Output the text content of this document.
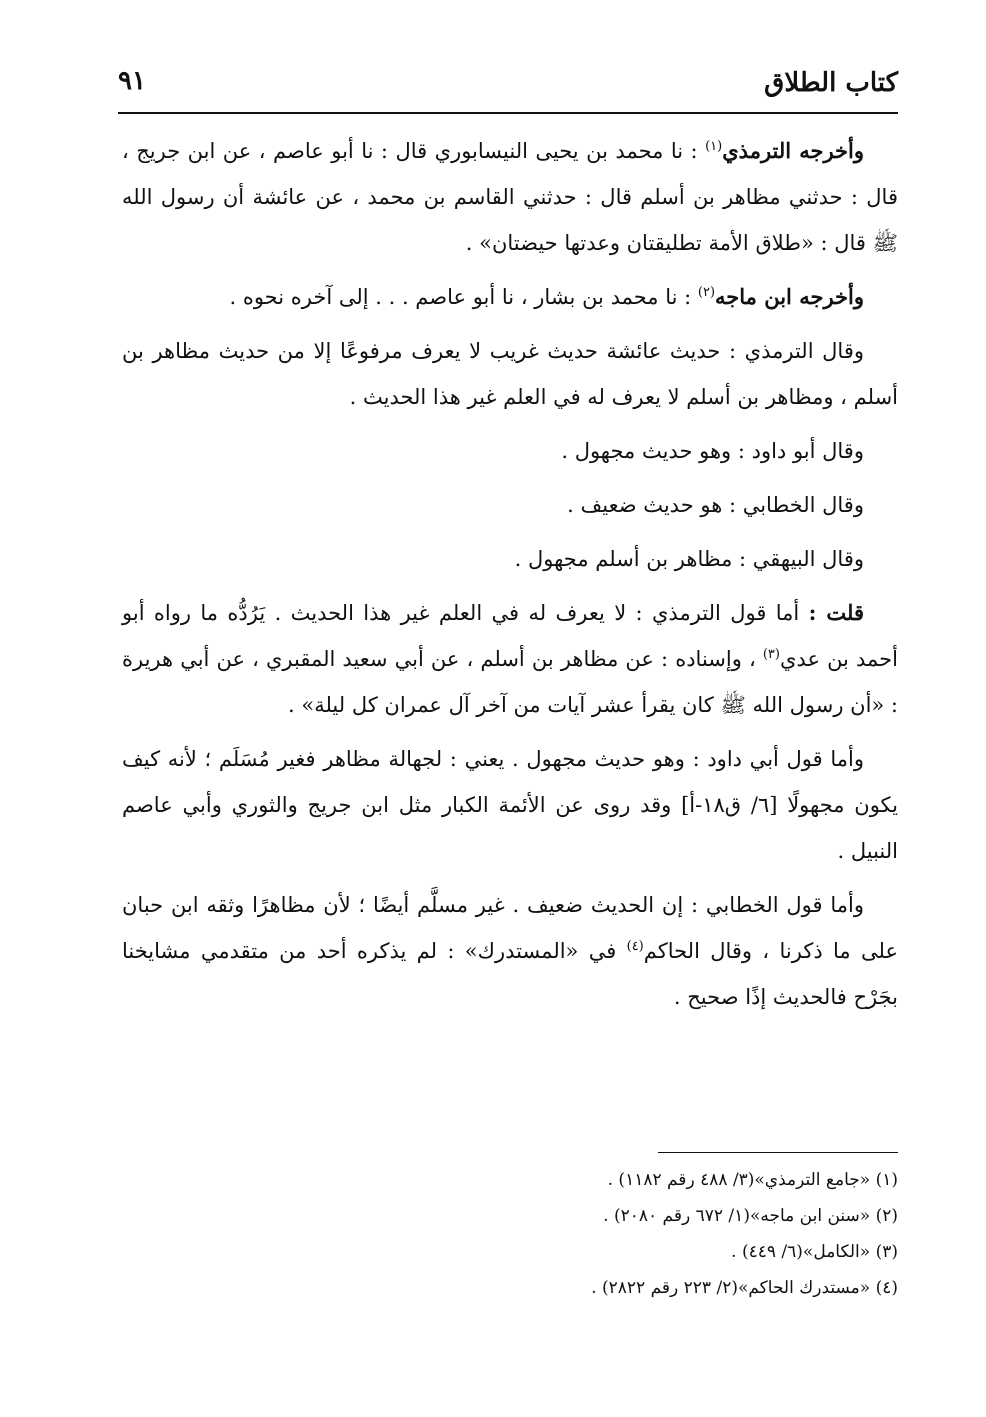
كتاب الطلاق
٩١

وأخرجه الترمذي$^{(١)}$ : نا محمد بن يحيى النيسابوري قال : نا أبو عاصم ، عن ابن جريج ، قال : حدثني مظاهر بن أسلم قال : حدثني القاسم بن محمد ، عن عائشة أن رسول الله ﷺ قال : «طلاق الأمة تطليقتان وعدتها حيضتان» .

وأخرجه ابن ماجه$^{(٢)}$ : نا محمد بن بشار ، نا أبو عاصم . . . إلى آخره نحوه .

وقال الترمذي : حديث عائشة حديث غريب لا يعرف مرفوعًا إلا من حديث مظاهر بن أسلم ، ومظاهر بن أسلم لا يعرف له في العلم غير هذا الحديث .

وقال أبو داود : وهو حديث مجهول .

وقال الخطابي : هو حديث ضعيف .

وقال البيهقي : مظاهر بن أسلم مجهول .

قلت : أما قول الترمذي : لا يعرف له في العلم غير هذا الحديث . يَرُدُّه ما رواه أبو أحمد بن عدي$^{(٣)}$ ، وإسناده : عن مظاهر بن أسلم ، عن أبي سعيد المقبري ، عن أبي هريرة : «أن رسول الله ﷺ كان يقرأ عشر آيات من آخر آل عمران كل ليلة» .

وأما قول أبي داود : وهو حديث مجهول . يعني : لجهالة مظاهر فغير مُسَلَم ؛ لأنه كيف يكون مجهولًا [٦/ ق١٨-أ] وقد روى عن الأئمة الكبار مثل ابن جريج والثوري وأبي عاصم النبيل .

وأما قول الخطابي : إن الحديث ضعيف . غير مسلَّم أيضًا ؛ لأن مظاهرًا وثقه ابن حبان على ما ذكرنا ، وقال الحاكم$^{(٤)}$ في «المستدرك» : لم يذكره أحد من متقدمي مشايخنا بجَرْح فالحديث إذًا صحيح .

(١) «جامع الترمذي»(٣/ ٤٨٨ رقم ١١٨٢) .

(٢) «سنن ابن ماجه»(١/ ٦٧٢ رقم ٢٠٨٠) .

(٣) «الكامل»(٦/ ٤٤٩) .

(٤) «مستدرك الحاكم»(٢/ ٢٢٣ رقم ٢٨٢٢) .
